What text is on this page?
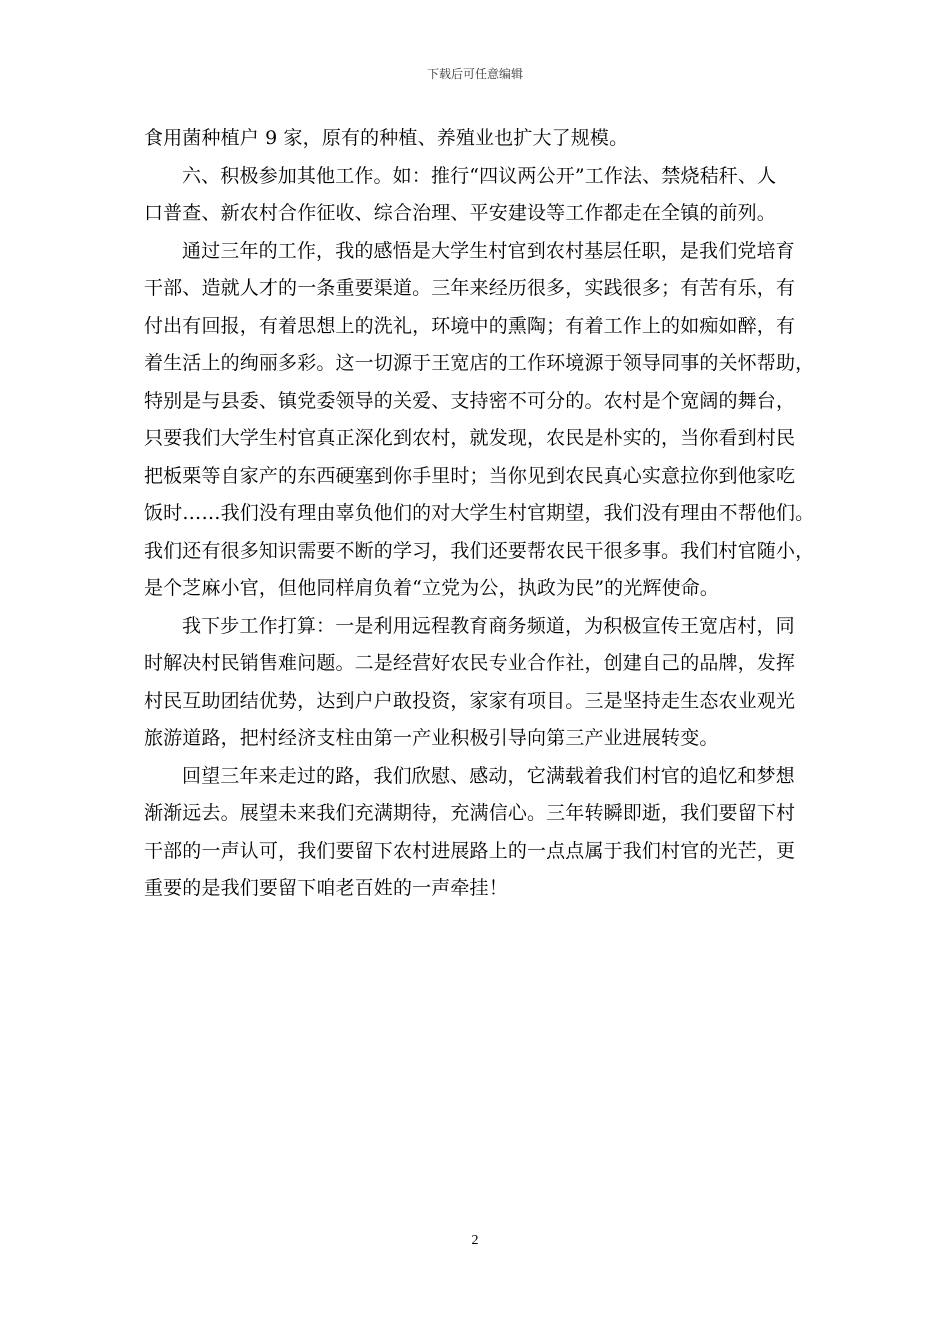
下载后可任意编辑
食用菌种植户 9 家，原有的种植、养殖业也扩大了规模。
六、积极参加其他工作。如：推行“四议两公开”工作法、禁烧秸秆、人
口普查、新农村合作征收、综合治理、平安建设等工作都走在全镇的前列。
通过三年的工作，我的感悟是大学生村官到农村基层任职，是我们党培育
干部、造就人才的一条重要渠道。三年来经历很多，实践很多；有苦有乐，有
付出有回报，有着思想上的洗礼，环境中的熏陶；有着工作上的如痴如醉，有
着生活上的绚丽多彩。这一切源于王宽店的工作环境源于领导同事的关怀帮助，
特别是与县委、镇党委领导的关爱、支持密不可分的。农村是个宽阔的舞台，
只要我们大学生村官真正深化到农村，就发现，农民是朴实的，当你看到村民
把板栗等自家产的东西硬塞到你手里时；当你见到农民真心实意拉你到他家吃
饭时……我们没有理由辜负他们的对大学生村官期望，我们没有理由不帮他们。
我们还有很多知识需要不断的学习，我们还要帮农民干很多事。我们村官随小，
是个芝麻小官，但他同样肩负着“立党为公，执政为民”的光辉使命。
我下步工作打算：一是利用远程教育商务频道，为积极宣传王宽店村，同
时解决村民销售难问题。二是经营好农民专业合作社，创建自己的品牌，发挥
村民互助团结优势，达到户户敢投资，家家有项目。三是坚持走生态农业观光
旅游道路，把村经济支柱由第一产业积极引导向第三产业进展转变。
回望三年来走过的路，我们欣慰、感动，它满载着我们村官的追忆和梦想
渐渐远去。展望未来我们充满期待，充满信心。三年转瞬即逝，我们要留下村
干部的一声认可，我们要留下农村进展路上的一点点属于我们村官的光芒，更
重要的是我们要留下咱老百姓的一声牵挂！
2
